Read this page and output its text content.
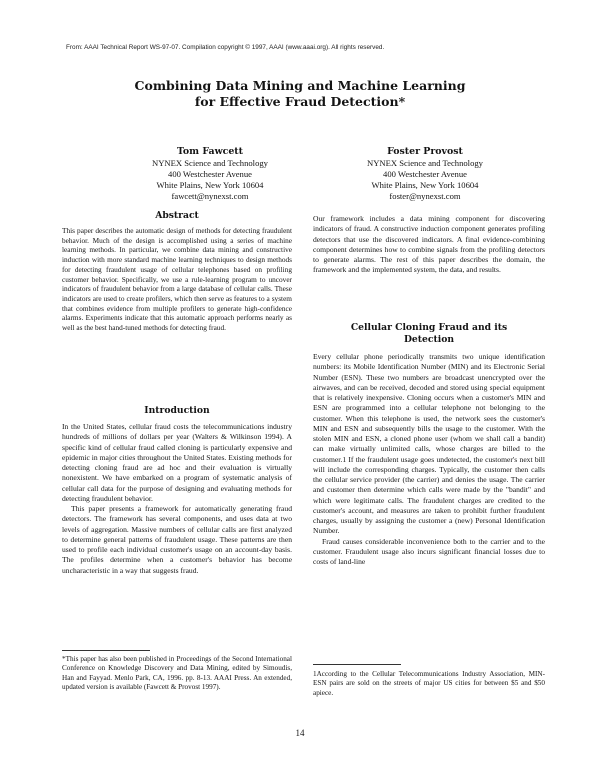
From: AAAI Technical Report WS-97-07. Compilation copyright © 1997, AAAI (www.aaai.org). All rights reserved.
Combining Data Mining and Machine Learning
for Effective Fraud Detection*
Tom Fawcett
NYNEX Science and Technology
400 Westchester Avenue
White Plains, New York 10604
fawcett@nynexst.com
Foster Provost
NYNEX Science and Technology
400 Westchester Avenue
White Plains, New York 10604
foster@nynexst.com
Abstract

This paper describes the automatic design of methods for detecting fraudulent behavior. Much of the design is accomplished using a series of machine learning methods. In particular, we combine data mining and constructive induction with more standard machine learning techniques to design methods for detecting fraudulent usage of cellular telephones based on profiling customer behavior. Specifically, we use a rule-learning program to uncover indicators of fraudulent behavior from a large database of cellular calls. These indicators are used to create profilers, which then serve as features to a system that combines evidence from multiple profilers to generate high-confidence alarms. Experiments indicate that this automatic approach performs nearly as well as the best hand-tuned methods for detecting fraud.

Introduction

In the United States, cellular fraud costs the telecommunications industry hundreds of millions of dollars per year (Walters & Wilkinson 1994). A specific kind of cellular fraud called cloning is particularly expensive and epidemic in major cities throughout the United States. Existing methods for detecting cloning fraud are ad hoc and their evaluation is virtually nonexistent. We have embarked on a program of systematic analysis of cellular call data for the purpose of designing and evaluating methods for detecting fraudulent behavior.

This paper presents a framework for automatically generating fraud detectors. The framework has several components, and uses data at two levels of aggregation. Massive numbers of cellular calls are first analyzed to determine general patterns of fraudulent usage. These patterns are then used to profile each individual customer's usage on an account-day basis. The profiles determine when a customer's behavior has become uncharacteristic in a way that suggests fraud.

*This paper has also been published in Proceedings of the Second International Conference on Knowledge Discovery and Data Mining, edited by Simoudis, Han and Fayyad. Menlo Park, CA, 1996. pp. 8-13. AAAI Press. An extended, updated version is available (Fawcett & Provost 1997).
Our framework includes a data mining component for discovering indicators of fraud. A constructive induction component generates profiling detectors that use the discovered indicators. A final evidence-combining component determines how to combine signals from the profiling detectors to generate alarms. The rest of this paper describes the domain, the framework and the implemented system, the data, and results.
Cellular Cloning Fraud and its
Detection

Every cellular phone periodically transmits two unique identification numbers: its Mobile Identification Number (MIN) and its Electronic Serial Number (ESN). These two numbers are broadcast unencrypted over the airwaves, and can be received, decoded and stored using special equipment that is relatively inexpensive. Cloning occurs when a customer's MIN and ESN are programmed into a cellular telephone not belonging to the customer. When this telephone is used, the network sees the customer's MIN and ESN and subsequently bills the usage to the customer. With the stolen MIN and ESN, a cloned phone user (whom we shall call a bandit) can make virtually unlimited calls, whose charges are billed to the customer.1 If the fraudulent usage goes undetected, the customer's next bill will include the corresponding charges. Typically, the customer then calls the cellular service provider (the carrier) and denies the usage. The carrier and customer then determine which calls were made by the "bandit" and which were legitimate calls. The fraudulent charges are credited to the customer's account, and measures are taken to prohibit further fraudulent charges, usually by assigning the customer a (new) Personal Identification Number.

Fraud causes considerable inconvenience both to the carrier and to the customer. Fraudulent usage also incurs significant financial losses due to costs of land-line

1According to the Cellular Telecommunications Industry Association, MIN-ESN pairs are sold on the streets of major US cities for between $5 and $50 apiece.
14
